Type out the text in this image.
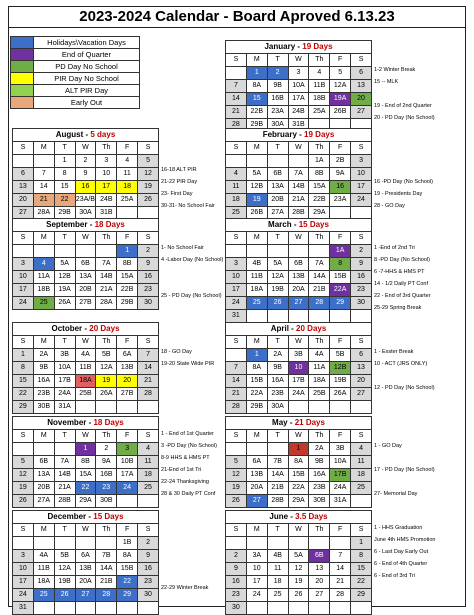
2023-2024 Calendar - Board Aproved 6.13.23
	Holidays\Vacation Days
	End of Quarter
	PD Day No School
	PIR Day No School
	ALT PIR Day
	Early Out
January - 19 Days						
S	M	T	W	Th	F	S
	1	2	3	4	5	6
7	8A	9B	10A	11B	12A	13
14	15	16B	17A	18B	19A	20
21	22B	23A	24B	25A	26B	27
28	29B	30A	31B			
1-2 Winter Break
15 -- MLK
19 - End of 2nd Quarter
20 - PD Day (No School)
August - 5 days						
S	M	T	W	Th	F	S
		1	2	3	4	5
6	7	8	9	10	11	12
13	14	15	16	17	18	19
20	21	22	23A/B	24B	25A	26
27	28A	29B	30A	31B		
16-18 ALT PIR
21-22 PIR Day
23- First Day
30-31- No School Fair
February - 19 Days						
S	M	T	W	Th	F	S
				1A	2B	3
4	5A	6B	7A	8B	9A	10
11	12B	13A	14B	15A	16	17
18	19	20B	21A	22B	23A	24
25	26B	27A	28B	29A		
16 -PD Day (No School)
19 - Presidents Day
28 - GO Day
September - 18 Days						
S	M	T	W	Th	F	S
					1	2
3	4	5A	6B	7A	8B	9
10	11A	12B	13A	14B	15A	16
17	18B	19A	20B	21A	22B	23
24	25	26A	27B	28A	29B	30
1- No School Fair
4 -Labor Day (No School)
25 - PD Day (No School)
March - 15 Days						
S	M	T	W	Th	F	S
					1A	2
3	4B	5A	6B	7A	8	9
10	11B	12A	13B	14A	15B	16
17	18A	19B	20A	21B	22A	23
24	25	26	27	28	29	30
31						
1 -End of 2nd Tri
8 -PD Day (No School)
6 -7-HHS & HMS PT
14 - 1/2 Daily PT Conf
22 - End of 3rd Quarter
25-29 Spring Break
October - 20 Days						
S	M	T	W	Th	F	S
1	2A	3B	4A	5B	6A	7
8	9B	10A	11B	12A	13B	14
15	16A	17B	18A	19	20	21
22	23B	24A	25B	26A	27B	28
29	30B	31A				
18 - GO Day
19-20 State Wide PIR
April - 20 Days						
S	M	T	W	Th	F	S
	1	2A	3B	4A	5B	6
7	8A	9B	10	11A	12B	13
14	15B	16A	17B	18A	19B	20
21	22A	23B	24A	25B	26A	27
28	29B	30A				
1 - Exster Break
10 - ACT (JRS ONLY)
12 - PD Day (No School)
November - 18 Days						
S	M	T	W	Th	F	S
			1	2	3	4
5	6B	7A	8B	9A	10B	11
12	13A	14B	15A	16B	17A	18
19	20B	21A	22	23	24	25
26	27A	28B	29A	30B		
1 - End of 1st Quarter
3 -PD Day (No School)
8-9 HHS & HMS PT
21-End of 1st Tri
22-24 Thanksgiving
28 & 30 Daily PT Conf
May - 21 Days						
S	M	T	W	Th	F	S
			1	2A	3B	4
5	6A	7B	8A	9B	10A	11
12	13B	14A	15B	16A	17B	18
19	20A	21B	22A	23B	24A	25
26	27	28B	29A	30B	31A	
1 - GO Day
17 - PD Day (No School)
27- Memorial Day
December - 15 Days						
S	M	T	W	Th	F	S
					1B	2
3	4A	5B	6A	7B	8A	9
10	11B	12A	13B	14A	15B	16
17	18A	19B	20A	21B	22	23
24	25	26	27	28	29	30
31						
22-29 Winter Break
June - 3.5 Days						
S	M	T	W	Th	F	S
						1
2	3A	4B	5A	6B	7	8
9	10	11	12	13	14	15
16	17	18	19	20	21	22
23	24	25	26	27	28	29
30						
1 - HHS Graduation
June 4th HMS Promotion
6 - Last Day Early Out
6 - End of 4th Quarter
6 - End of 3rd Tri
